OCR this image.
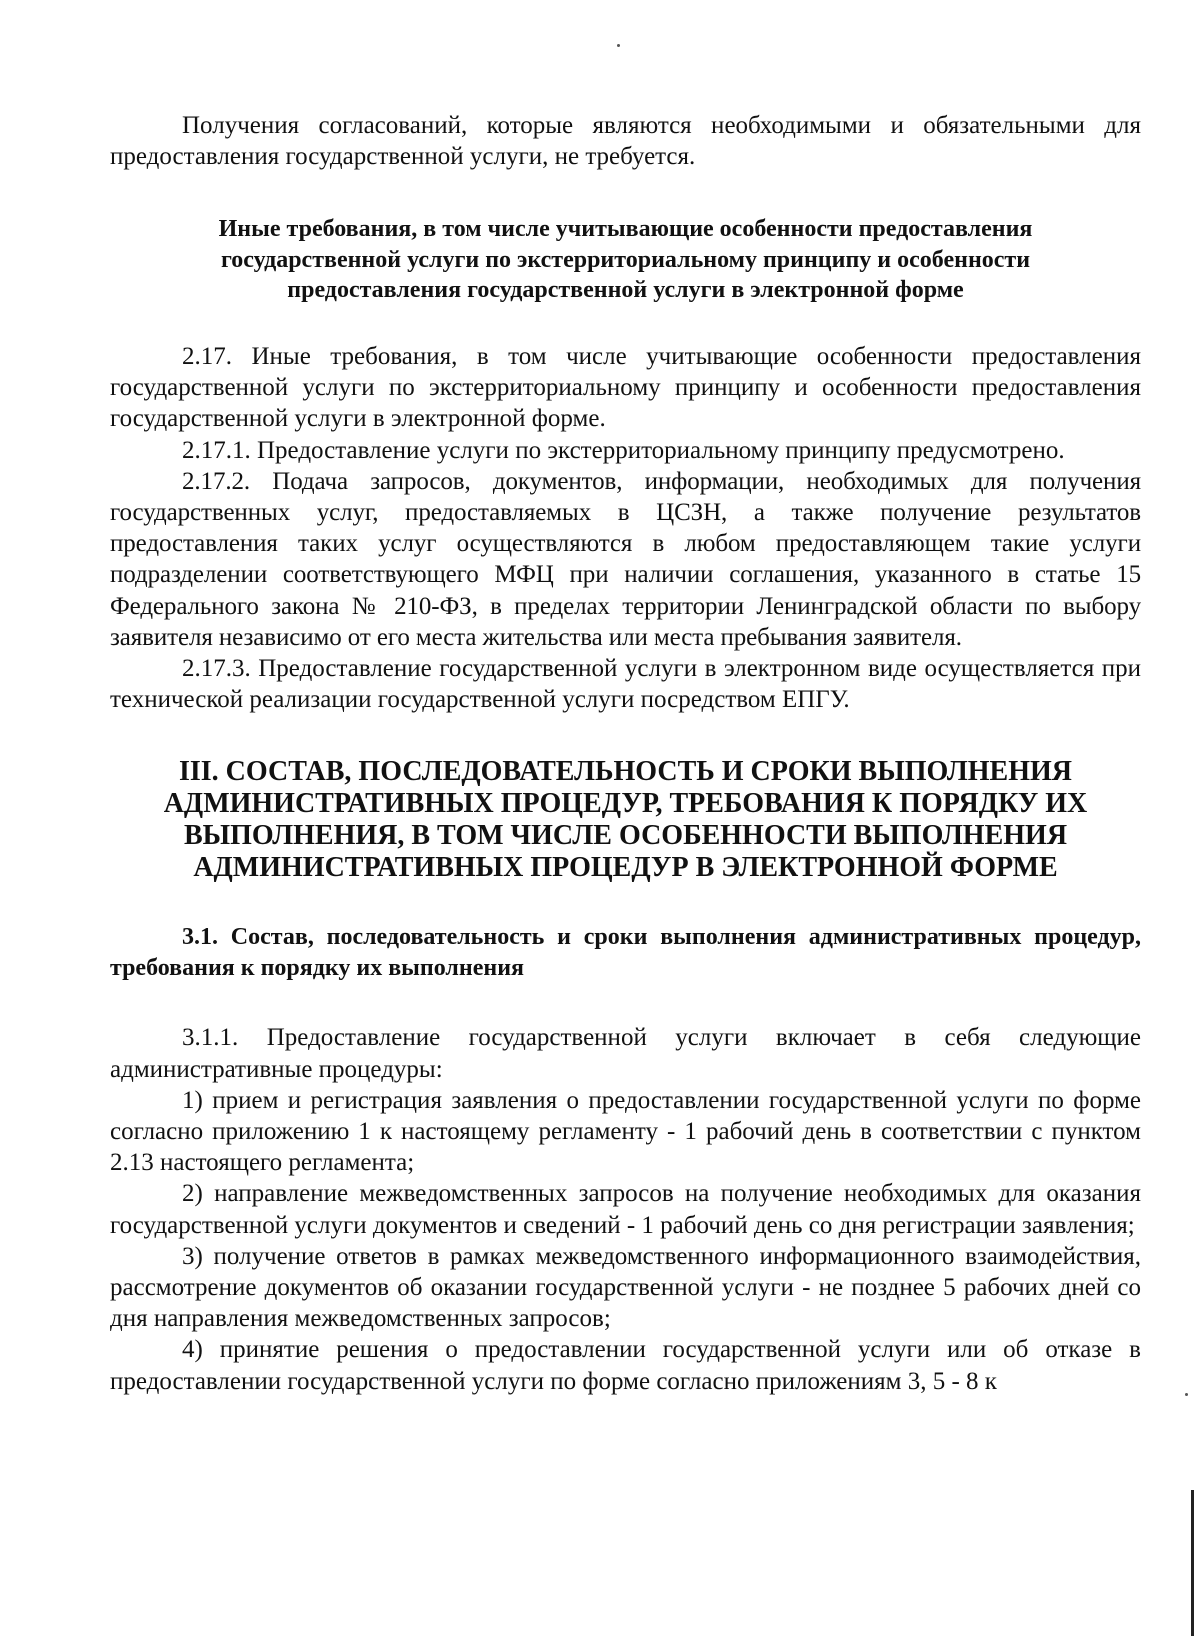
Получения согласований, которые являются необходимыми и обязательными для предоставления государственной услуги, не требуется.

Иные требования, в том числе учитывающие особенности предоставления государственной услуги по экстерриториальному принципу и особенности предоставления государственной услуги в электронной форме

2.17. Иные требования, в том числе учитывающие особенности предоставления государственной услуги по экстерриториальному принципу и особенности предоставления государственной услуги в электронной форме.

2.17.1. Предоставление услуги по экстерриториальному принципу предусмотрено.

2.17.2. Подача запросов, документов, информации, необходимых для получения государственных услуг, предоставляемых в ЦСЗН, а также получение результатов предоставления таких услуг осуществляются в любом предоставляющем такие услуги подразделении соответствующего МФЦ при наличии соглашения, указанного в статье 15 Федерального закона № 210-ФЗ, в пределах территории Ленинградской области по выбору заявителя независимо от его места жительства или места пребывания заявителя.

2.17.3. Предоставление государственной услуги в электронном виде осуществляется при технической реализации государственной услуги посредством ЕПГУ.

III. СОСТАВ, ПОСЛЕДОВАТЕЛЬНОСТЬ И СРОКИ ВЫПОЛНЕНИЯ АДМИНИСТРАТИВНЫХ ПРОЦЕДУР, ТРЕБОВАНИЯ К ПОРЯДКУ ИХ ВЫПОЛНЕНИЯ, В ТОМ ЧИСЛЕ ОСОБЕННОСТИ ВЫПОЛНЕНИЯ АДМИНИСТРАТИВНЫХ ПРОЦЕДУР В ЭЛЕКТРОННОЙ ФОРМЕ

3.1. Состав, последовательность и сроки выполнения административных процедур, требования к порядку их выполнения

3.1.1. Предоставление государственной услуги включает в себя следующие административные процедуры:

1) прием и регистрация заявления о предоставлении государственной услуги по форме согласно приложению 1 к настоящему регламенту - 1 рабочий день в соответствии с пунктом 2.13 настоящего регламента;

2) направление межведомственных запросов на получение необходимых для оказания государственной услуги документов и сведений - 1 рабочий день со дня регистрации заявления;

3) получение ответов в рамках межведомственного информационного взаимодействия, рассмотрение документов об оказании государственной услуги - не позднее 5 рабочих дней со дня направления межведомственных запросов;

4) принятие решения о предоставлении государственной услуги или об отказе в предоставлении государственной услуги по форме согласно приложениям 3, 5 - 8 к
